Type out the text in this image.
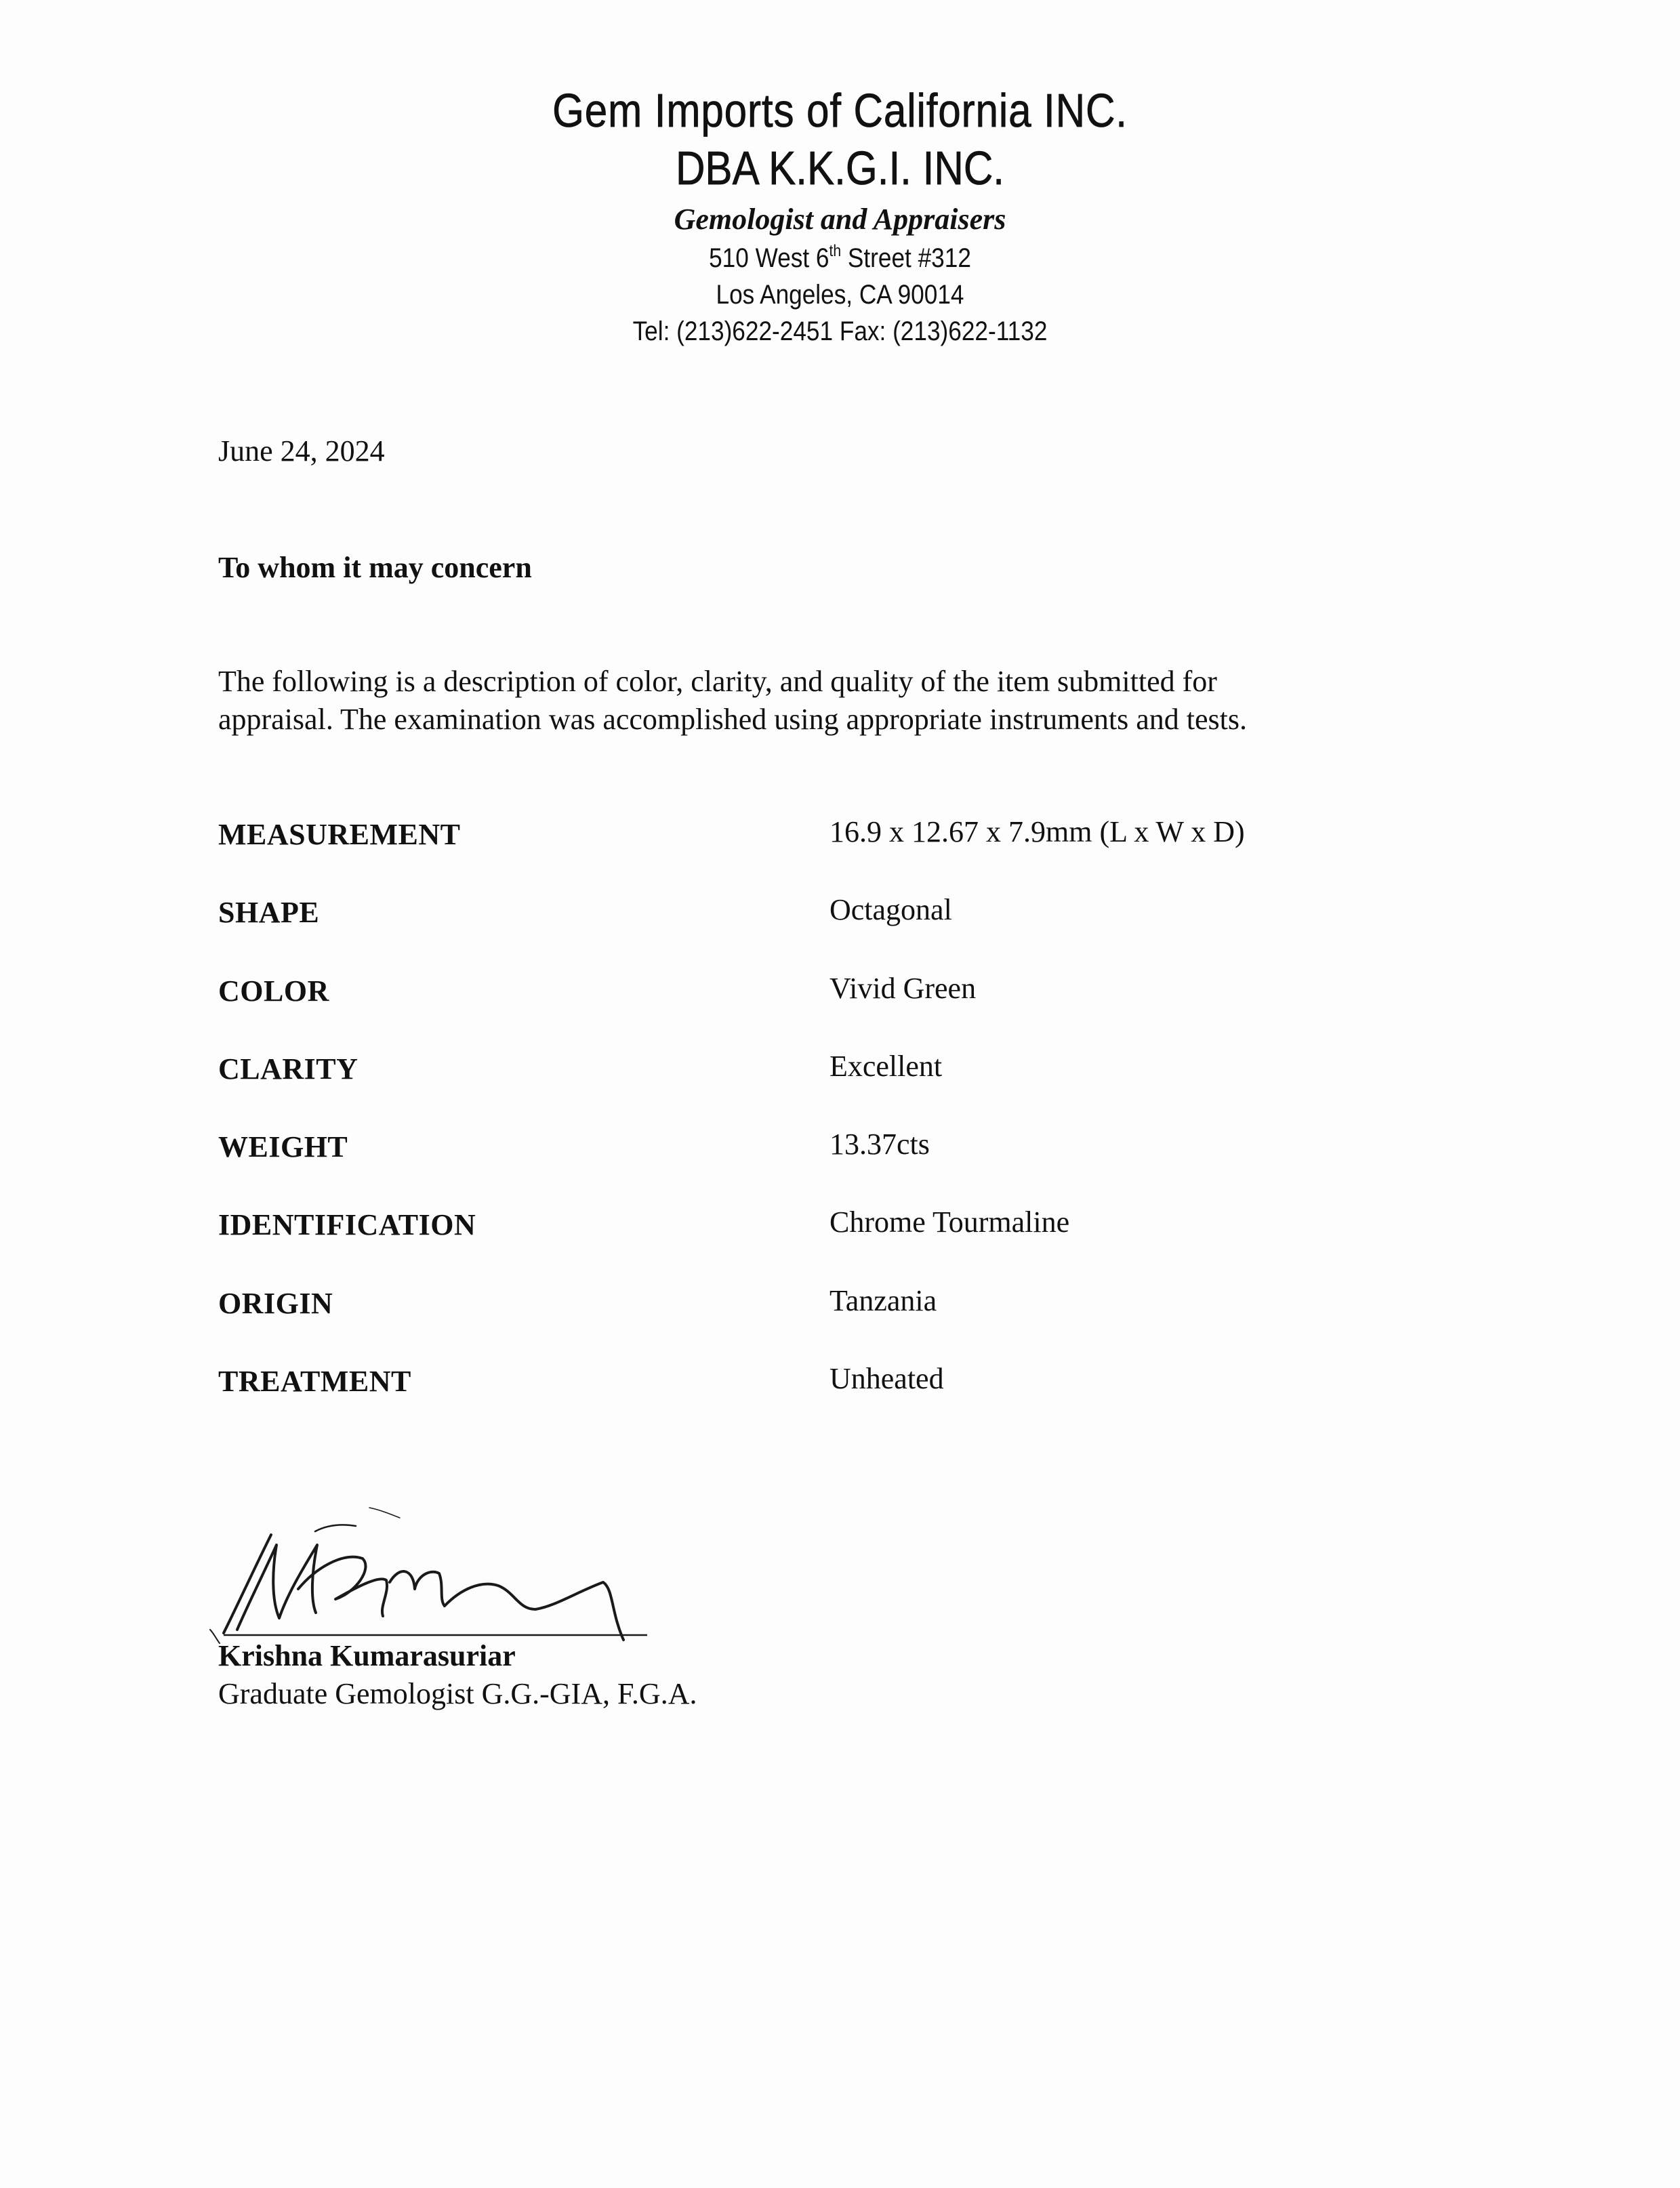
Gem Imports of California INC.
DBA K.K.G.I. INC.
Gemologist and Appraisers
510 West 6th Street #312
Los Angeles, CA 90014
Tel: (213)622-2451 Fax: (213)622-1132
June 24, 2024
To whom it may concern
The following is a description of color, clarity, and quality of the item submitted for
appraisal. The examination was accomplished using appropriate instruments and tests.
MEASUREMENT	16.9 x 12.67 x 7.9mm (L x W x D)
SHAPE	Octagonal
COLOR	Vivid Green
CLARITY	Excellent
WEIGHT	13.37cts
IDENTIFICATION	Chrome Tourmaline
ORIGIN	Tanzania
TREATMENT	Unheated
Krishna Kumarasuriar
Graduate Gemologist G.G.-GIA, F.G.A.
